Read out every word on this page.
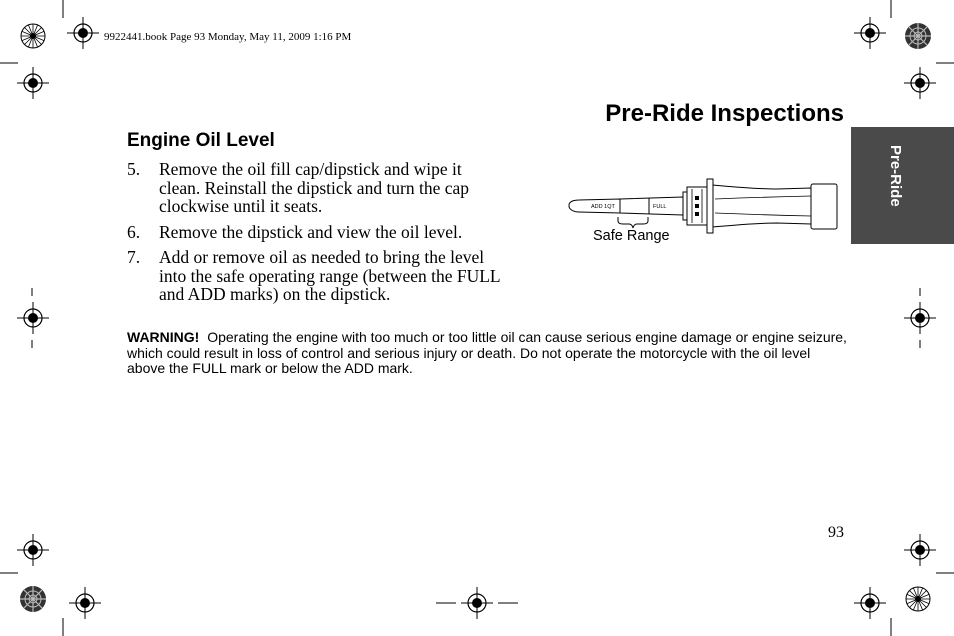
9922441.book Page 93 Monday, May 11, 2009 1:16 PM
Pre-Ride Inspections
Engine Oil Level
5.	Remove the oil fill cap/dipstick and wipe it clean. Reinstall the dipstick and turn the cap clockwise until it seats.
6.	Remove the dipstick and view the oil level.
7.	Add or remove oil as needed to bring the level into the safe operating range (between the FULL and ADD marks) on the dipstick.
ADD 1QT	FULL
Safe Range
WARNING! Operating the engine with too much or too little oil can cause serious engine damage or engine seizure, which could result in loss of control and serious injury or death. Do not operate the motorcycle with the oil level above the FULL mark or below the ADD mark.
Pre-Ride
93
